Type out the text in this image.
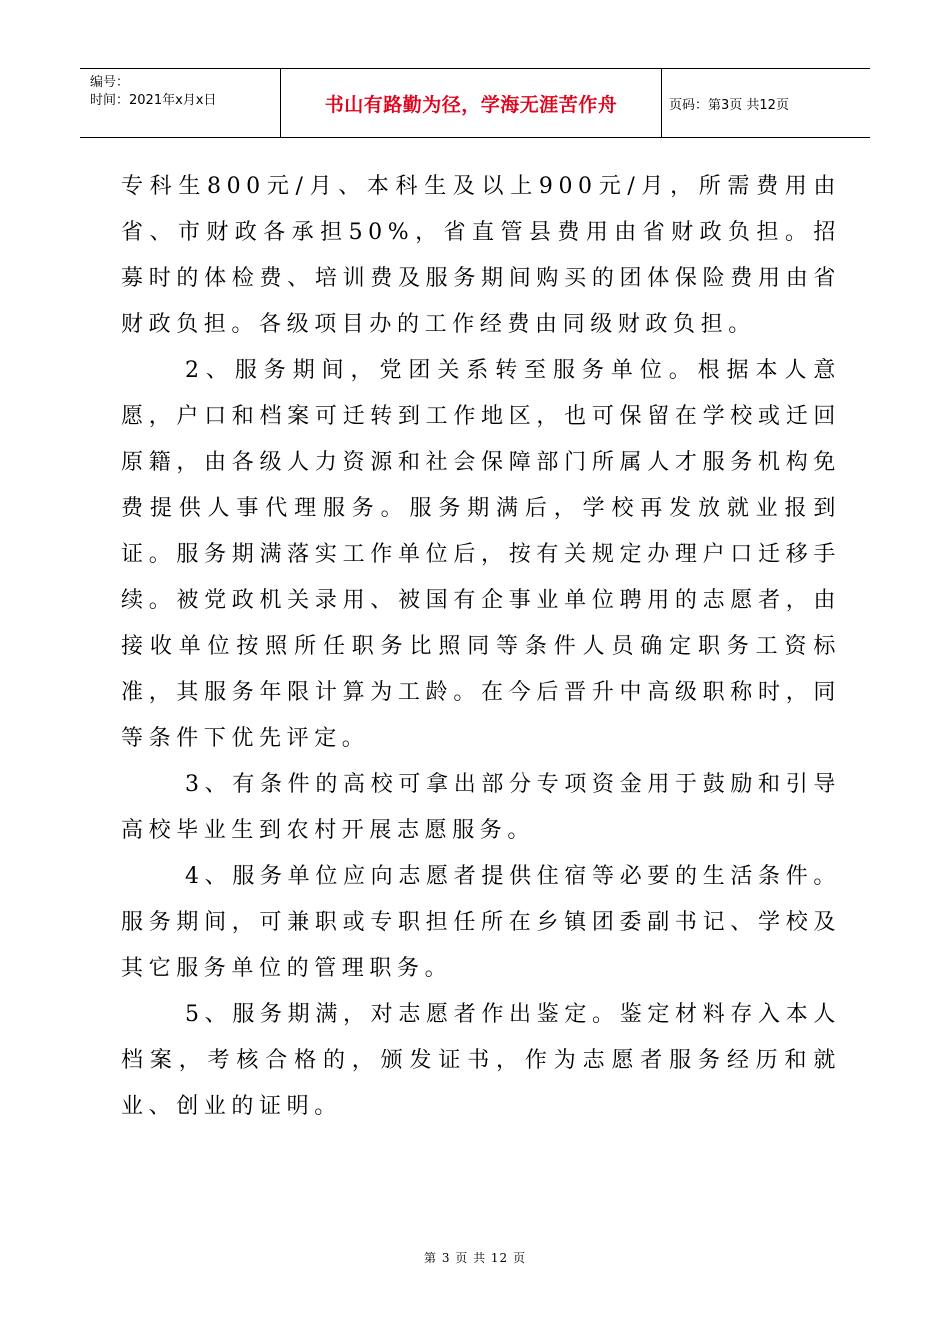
编号：
时间：2021年x月x日	书山有路勤为径，学海无涯苦作舟	页码：第3页 共12页

专科生800元/月、本科生及以上900元/月，所需费用由省、市财政各承担50%，省直管县费用由省财政负担。招募时的体检费、培训费及服务期间购买的团体保险费用由省财政负担。各级项目办的工作经费由同级财政负担。

2、服务期间，党团关系转至服务单位。根据本人意愿，户口和档案可迁转到工作地区，也可保留在学校或迁回原籍，由各级人力资源和社会保障部门所属人才服务机构免费提供人事代理服务。服务期满后，学校再发放就业报到证。服务期满落实工作单位后，按有关规定办理户口迁移手续。被党政机关录用、被国有企事业单位聘用的志愿者，由接收单位按照所任职务比照同等条件人员确定职务工资标准，其服务年限计算为工龄。在今后晋升中高级职称时，同等条件下优先评定。

3、有条件的高校可拿出部分专项资金用于鼓励和引导高校毕业生到农村开展志愿服务。

4、服务单位应向志愿者提供住宿等必要的生活条件。服务期间，可兼职或专职担任所在乡镇团委副书记、学校及其它服务单位的管理职务。

5、服务期满，对志愿者作出鉴定。鉴定材料存入本人档案，考核合格的，颁发证书，作为志愿者服务经历和就业、创业的证明。

第 3 页 共 12 页
